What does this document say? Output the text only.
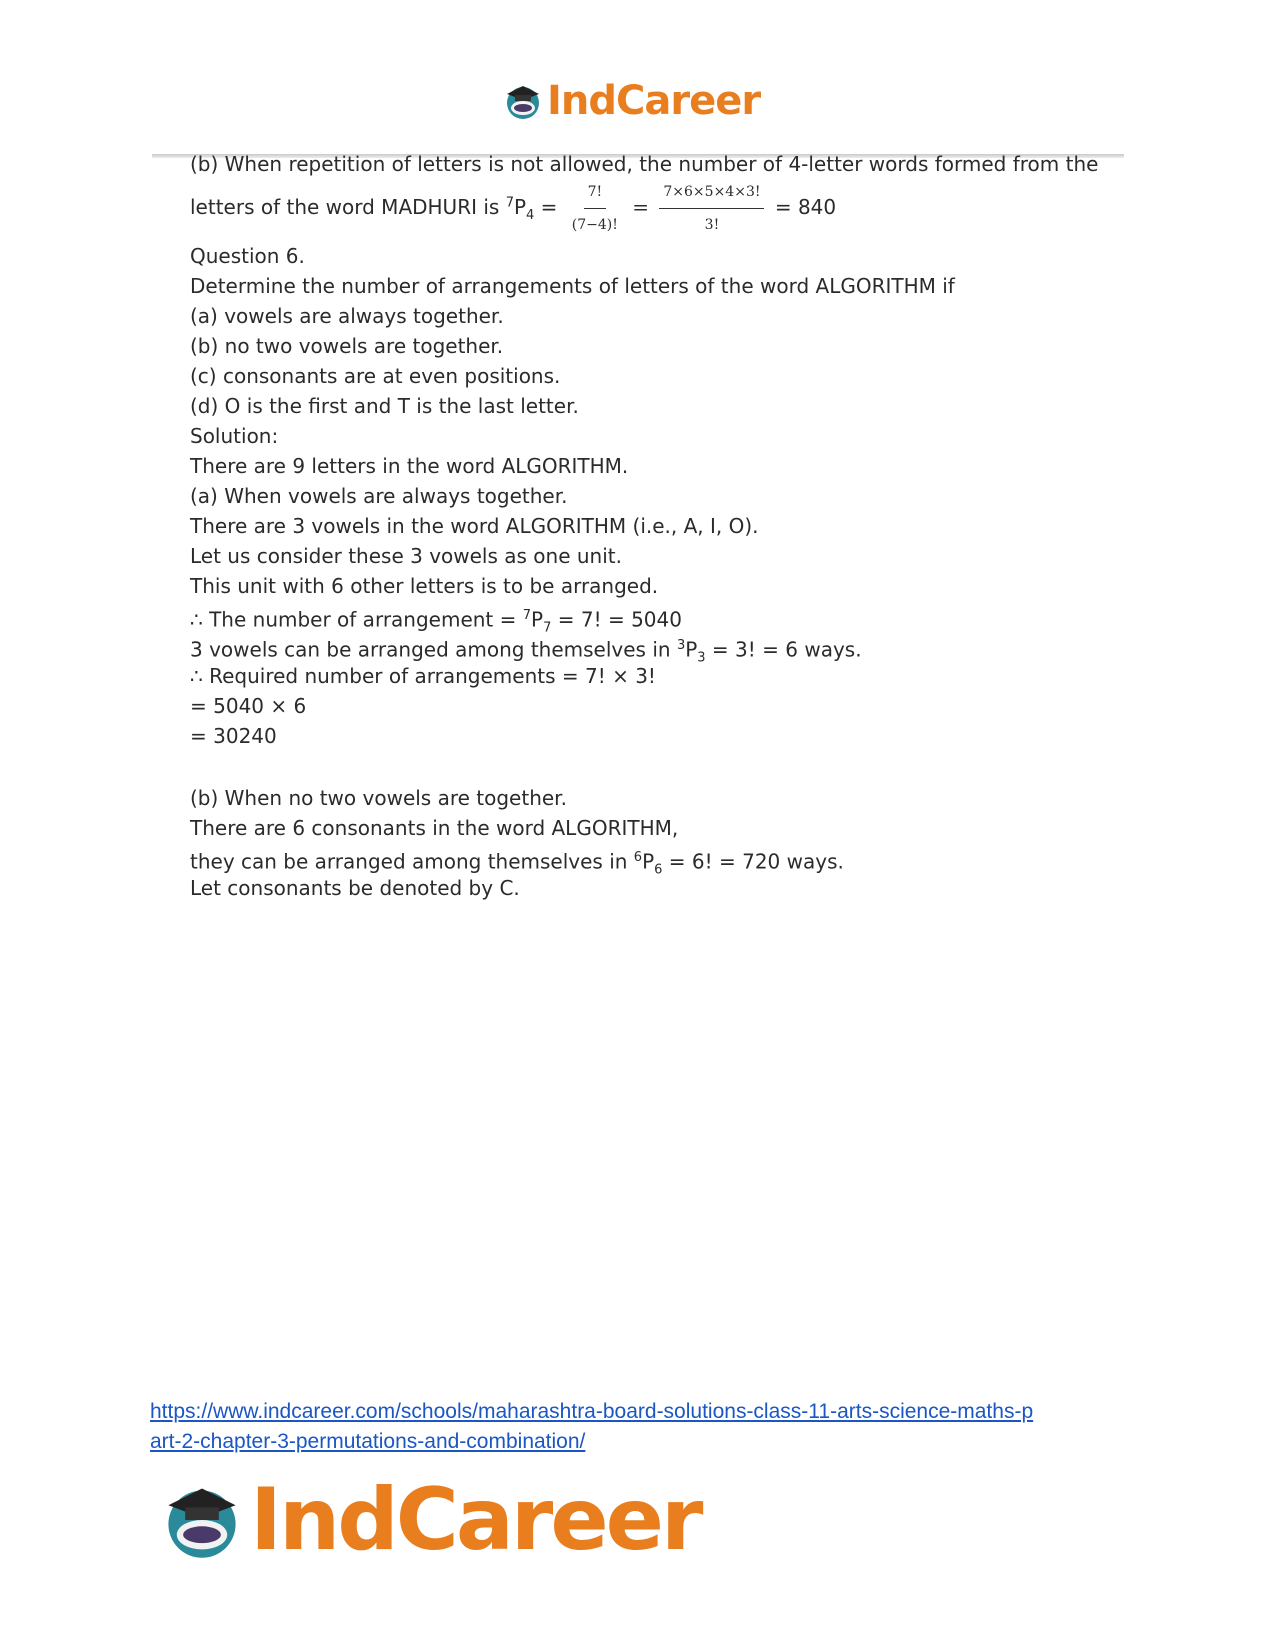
IndCareer
(b) When repetition of letters is not allowed, the number of 4-letter words formed from the
letters of the word MADHURI is $^7P_4 = \frac{7!}{(7-4)!} = \frac{7\times 6\times 5\times 4\times 3!}{3!} = 840$
Question 6.
Determine the number of arrangements of letters of the word ALGORITHM if
(a) vowels are always together.
(b) no two vowels are together.
(c) consonants are at even positions.
(d) O is the first and T is the last letter.
Solution:
There are 9 letters in the word ALGORITHM.
(a) When vowels are always together.
There are 3 vowels in the word ALGORITHM (i.e., A, I, O).
Let us consider these 3 vowels as one unit.
This unit with 6 other letters is to be arranged.
∴ The number of arrangement = $^7P_7 = 7$! = 5040
3 vowels can be arranged among themselves in $^3P_3 = 3$! = 6 ways.
∴ Required number of arrangements = 7! × 3!
= 5040 × 6
= 30240
(b) When no two vowels are together.
There are 6 consonants in the word ALGORITHM,
they can be arranged among themselves in $^6P_6 = 6$! = 720 ways.
Let consonants be denoted by C.
https://www.indcareer.com/schools/maharashtra-board-solutions-class-11-arts-science-maths-p
art-2-chapter-3-permutations-and-combination/
IndCareer
